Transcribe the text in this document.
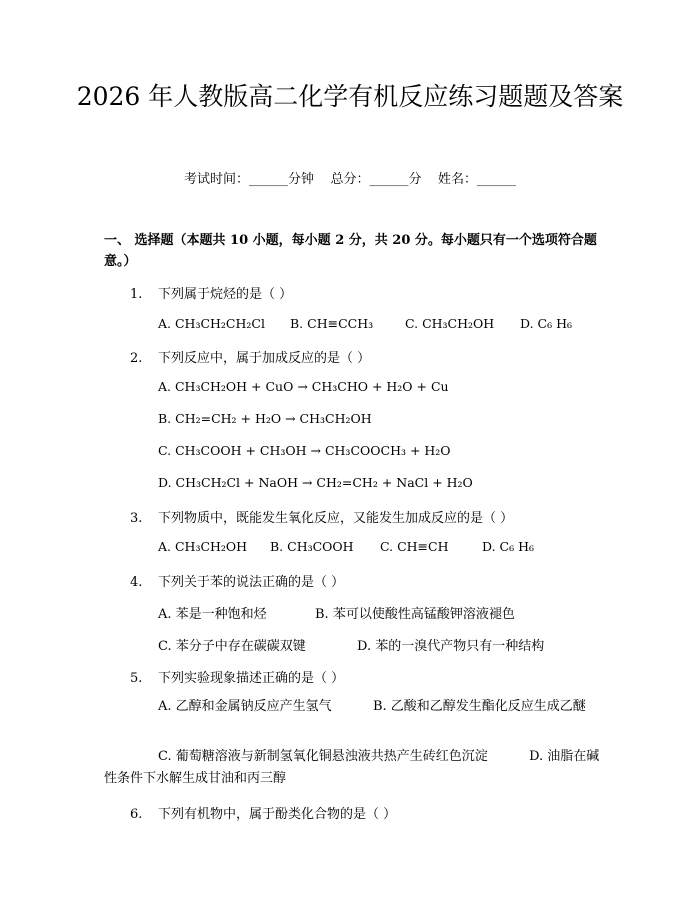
2026 年人教版高二化学有机反应练习题题及答案
考试时间：______分钟    总分：______分    姓名：______
一、 选择题（本题共 10 小题，每小题 2 分，共 20 分。每小题只有一个选项符合题意。）
1. 下列属于烷烃的是（ ）
A. CH₃CH₂CH₂Cl B. CH≡CCH₃	C. CH₃CH₂OH D. C₆ H₆
2. 下列反应中，属于加成反应的是（ ）
A. CH₃CH₂OH + CuO → CH₃CHO + H₂O + Cu
B. CH₂=CH₂ + H₂O → CH₃CH₂OH
C. CH₃COOH + CH₃OH → CH₃COOCH₃ + H₂O
D. CH₃CH₂Cl + NaOH → CH₂=CH₂ + NaCl + H₂O
3. 下列物质中，既能发生氧化反应，又能发生加成反应的是（ ）
A. CH₃CH₂OH B. CH₃COOH C. CH≡CH	D. C₆ H₆
4. 下列关于苯的说法正确的是（ ）
A. 苯是一种饱和烃	B. 苯可以使酸性高锰酸钾溶液褪色
C. 苯分子中存在碳碳双键	D. 苯的一溴代产物只有一种结构
5. 下列实验现象描述正确的是（ ）
A. 乙醇和金属钠反应产生氢气          B. 乙酸和乙醇发生酯化反应生成乙醚
C. 葡萄糖溶液与新制氢氧化铜悬浊液共热产生砖红色沉淀          D. 油脂在碱性条件下水解生成甘油和丙三醇
6. 下列有机物中，属于酚类化合物的是（ ）
